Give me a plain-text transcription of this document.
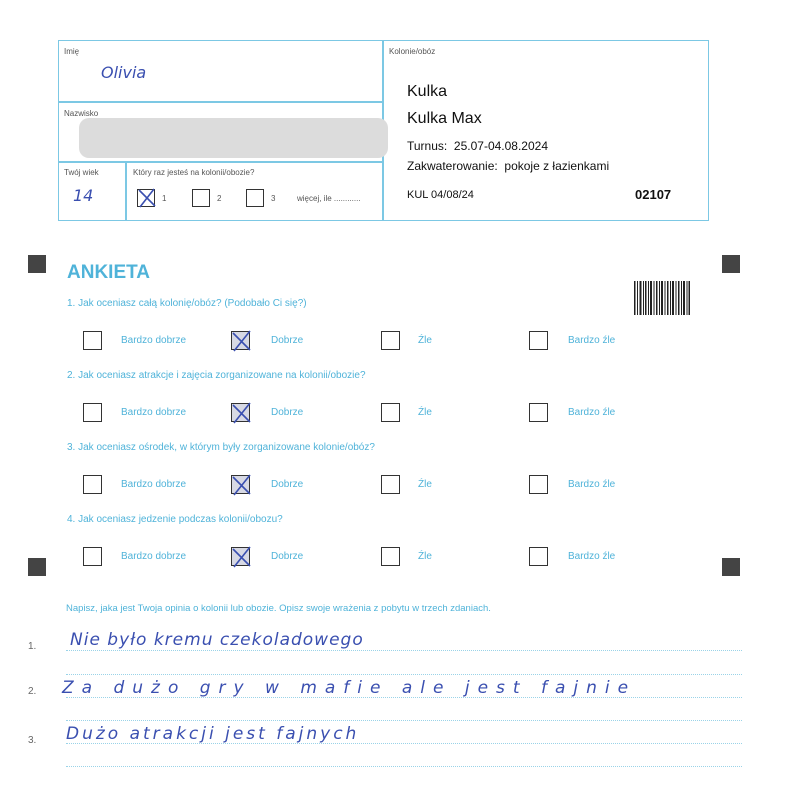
Imię
Olivia
Nazwisko
Twój wiek
14
Który raz jesteś na kolonii/obozie?
1	2	3	więcej, ile ............
Kolonie/obóz
Kulka
Kulka Max
Turnus: 25.07-04.08.2024
Zakwaterowanie: pokoje z łazienkami
KUL 04/08/24	02107
ANKIETA
1. Jak oceniasz całą kolonię/obóz? (Podobało Ci się?)
Bardzo dobrze	Dobrze	Źle	Bardzo źle
2. Jak oceniasz atrakcje i zajęcia zorganizowane na kolonii/obozie?
Bardzo dobrze	Dobrze	Źle	Bardzo źle
3. Jak oceniasz ośrodek, w którym były zorganizowane kolonie/obóz?
Bardzo dobrze	Dobrze	Źle	Bardzo źle
4. Jak oceniasz jedzenie podczas kolonii/obozu?
Bardzo dobrze	Dobrze	Źle	Bardzo źle
Napisz, jaka jest Twoja opinia o kolonii lub obozie. Opisz swoje wrażenia z pobytu w trzech zdaniach.
1. Nie było kremu czekoladowego
2. Za dużo gry w mafie ale jest fajnie
3. Dużo atrakcji jest fajnych
